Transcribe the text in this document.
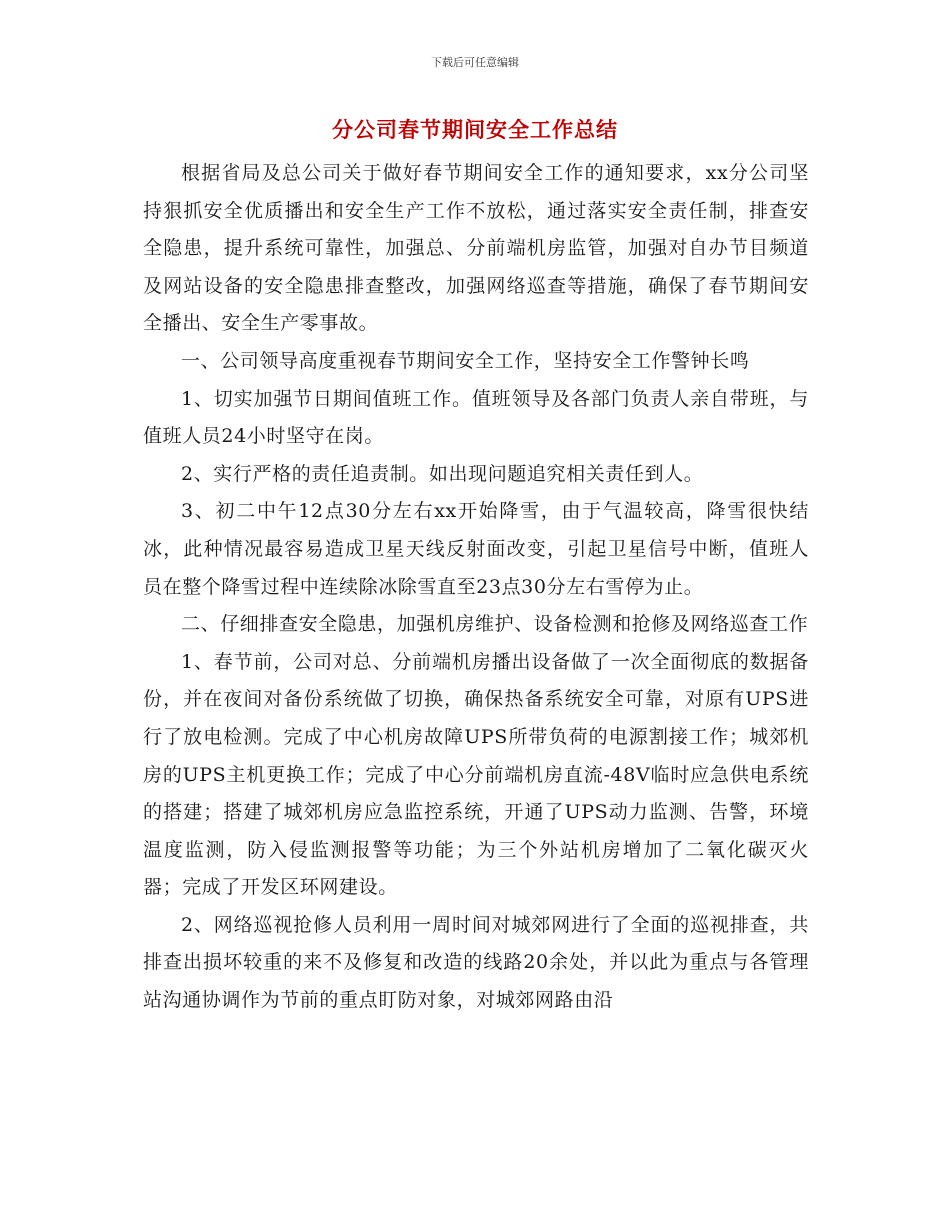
下载后可任意编辑
分公司春节期间安全工作总结

根据省局及总公司关于做好春节期间安全工作的通知要求，xx分公司坚持狠抓安全优质播出和安全生产工作不放松，通过落实安全责任制，排查安全隐患，提升系统可靠性，加强总、分前端机房监管，加强对自办节目频道及网站设备的安全隐患排查整改，加强网络巡查等措施，确保了春节期间安全播出、安全生产零事故。

一、公司领导高度重视春节期间安全工作，坚持安全工作警钟长鸣

1、切实加强节日期间值班工作。值班领导及各部门负责人亲自带班，与值班人员24小时坚守在岗。

2、实行严格的责任追责制。如出现问题追究相关责任到人。

3、初二中午12点30分左右xx开始降雪，由于气温较高，降雪很快结冰，此种情况最容易造成卫星天线反射面改变，引起卫星信号中断，值班人员在整个降雪过程中连续除冰除雪直至23点30分左右雪停为止。

二、仔细排查安全隐患，加强机房维护、设备检测和抢修及网络巡查工作

1、春节前，公司对总、分前端机房播出设备做了一次全面彻底的数据备份，并在夜间对备份系统做了切换，确保热备系统安全可靠，对原有UPS进行了放电检测。完成了中心机房故障UPS所带负荷的电源割接工作；城郊机房的UPS主机更换工作；完成了中心分前端机房直流-48V临时应急供电系统的搭建；搭建了城郊机房应急监控系统，开通了UPS动力监测、告警，环境温度监测，防入侵监测报警等功能；为三个外站机房增加了二氧化碳灭火器；完成了开发区环网建设。

2、网络巡视抢修人员利用一周时间对城郊网进行了全面的巡视排查，共排查出损坏较重的来不及修复和改造的线路20余处，并以此为重点与各管理站沟通协调作为节前的重点盯防对象，对城郊网路由沿
